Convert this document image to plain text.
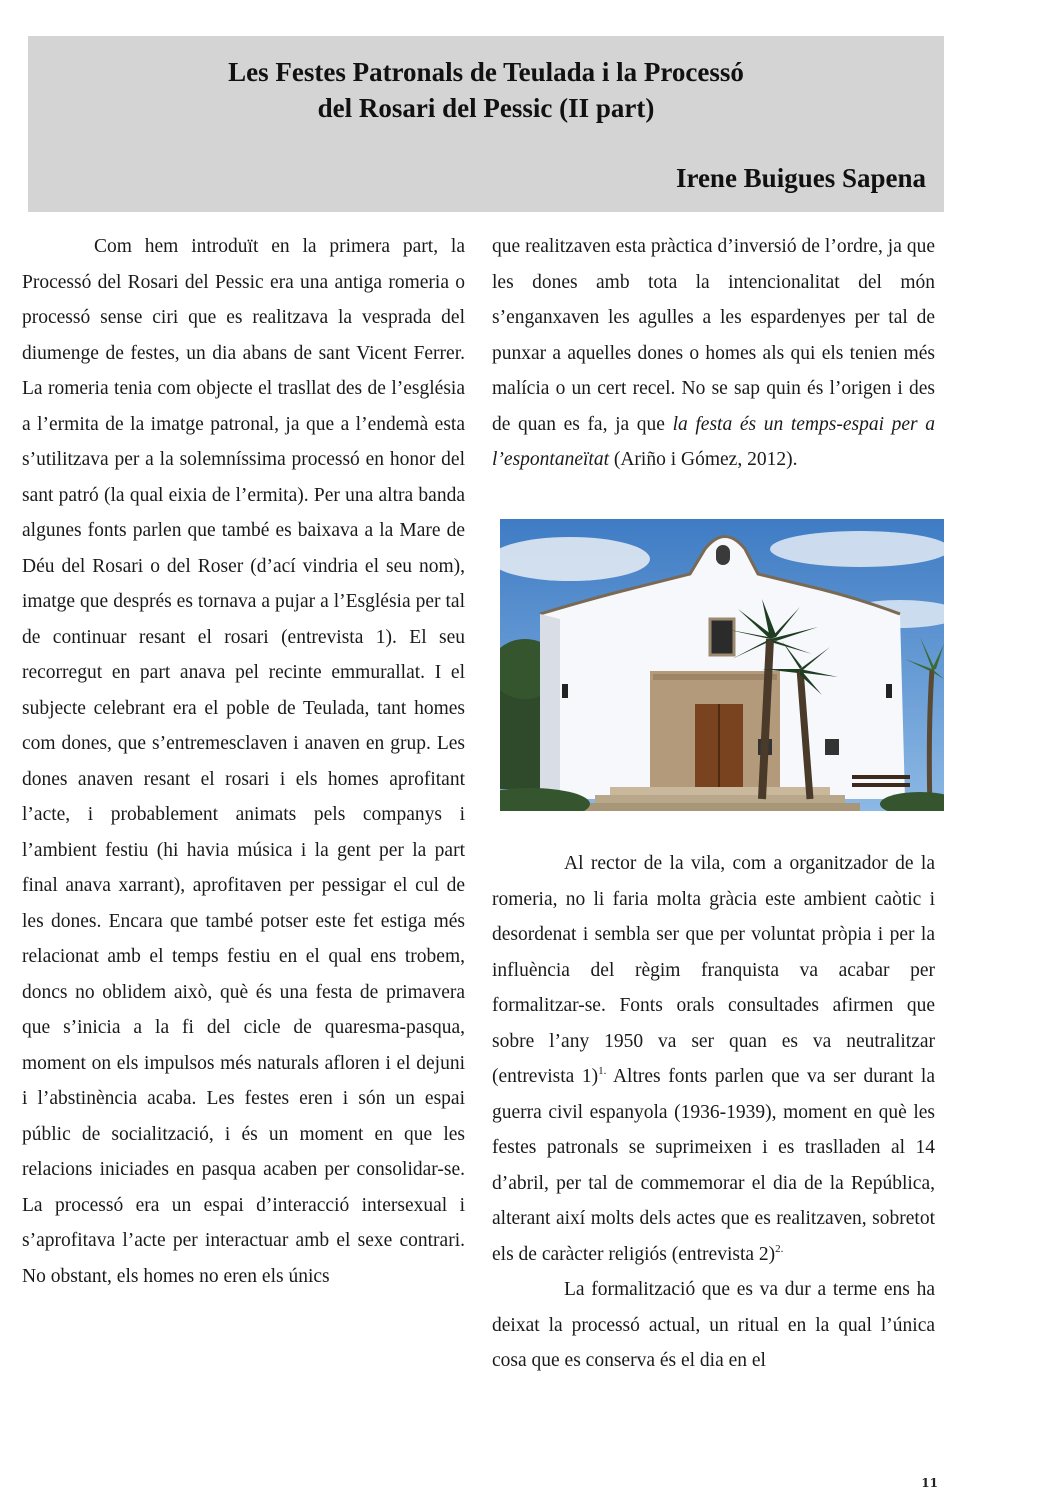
Les Festes Patronals de Teulada i la Processó
del Rosari del Pessic (II part)

Irene Buigues Sapena

Com hem introduït en la primera part, la Processó del Rosari del Pessic era una antiga romeria o processó sense ciri que es realitzava la vesprada del diumenge de festes, un dia abans de sant Vicent Ferrer. La romeria tenia com objecte el trasllat des de l’església a l’ermita de la imatge patronal, ja que a l’endemà esta s’utilitzava per a la solemníssima processó en honor del sant patró (la qual eixia de l’ermita). Per una altra banda algunes fonts parlen que també es baixava a la Mare de Déu del Rosari o del Roser (d’ací vindria el seu nom), imatge que després es tornava a pujar a l’Església per tal de continuar resant el rosari (entrevista 1). El seu recorregut en part anava pel recinte emmurallat. I el subjecte celebrant era el poble de Teulada, tant homes com dones, que s’entremesclaven i anaven en grup. Les dones anaven resant el rosari i els homes aprofitant l’acte, i probablement animats pels companys i l’ambient festiu (hi havia música i la gent per la part final anava xarrant), aprofitaven per pessigar el cul de les dones. Encara que també potser este fet estiga més relacionat amb el temps festiu en el qual ens trobem, doncs no oblidem això, què és una festa de primavera que s’inicia a la fi del cicle de quaresma-pasqua, moment on els impulsos més naturals afloren i el dejuni i l’abstinència acaba. Les festes eren i són un espai públic de socialització, i és un moment en que les relacions iniciades en pasqua acaben per consolidar-se. La processó era un espai d’interacció intersexual i s’aprofitava l’acte per interactuar amb el sexe contrari. No obstant, els homes no eren els únics

que realitzaven esta pràctica d’inversió de l’ordre, ja que les dones amb tota la intencionalitat del món s’enganxaven les agulles a les espardenyes per tal de punxar a aquelles dones o homes als qui els tenien més malícia o un cert recel. No se sap quin és l’origen i des de quan es fa, ja que la festa és un temps-espai per a l’espontaneïtat (Ariño i Gómez, 2012).

Al rector de la vila, com a organitzador de la romeria, no li faria molta gràcia este ambient caòtic i desordenat i sembla ser que per voluntat pròpia i per la influència del règim franquista va acabar per formalitzar-se. Fonts orals consultades afirmen que sobre l’any 1950 va ser quan es va neutralitzar (entrevista 1)$^{1.}$ Altres fonts parlen que va ser durant la guerra civil espanyola (1936-1939), moment en què les festes patronals se suprimeixen i es traslladen al 14 d’abril, per tal de commemorar el dia de la República, alterant així molts dels actes que es realitzaven, sobretot els de caràcter religiós (entrevista 2)$^{2.}$

La formalització que es va dur a terme ens ha deixat la processó actual, un ritual en la qual l’única cosa que es conserva és el dia en el

11
